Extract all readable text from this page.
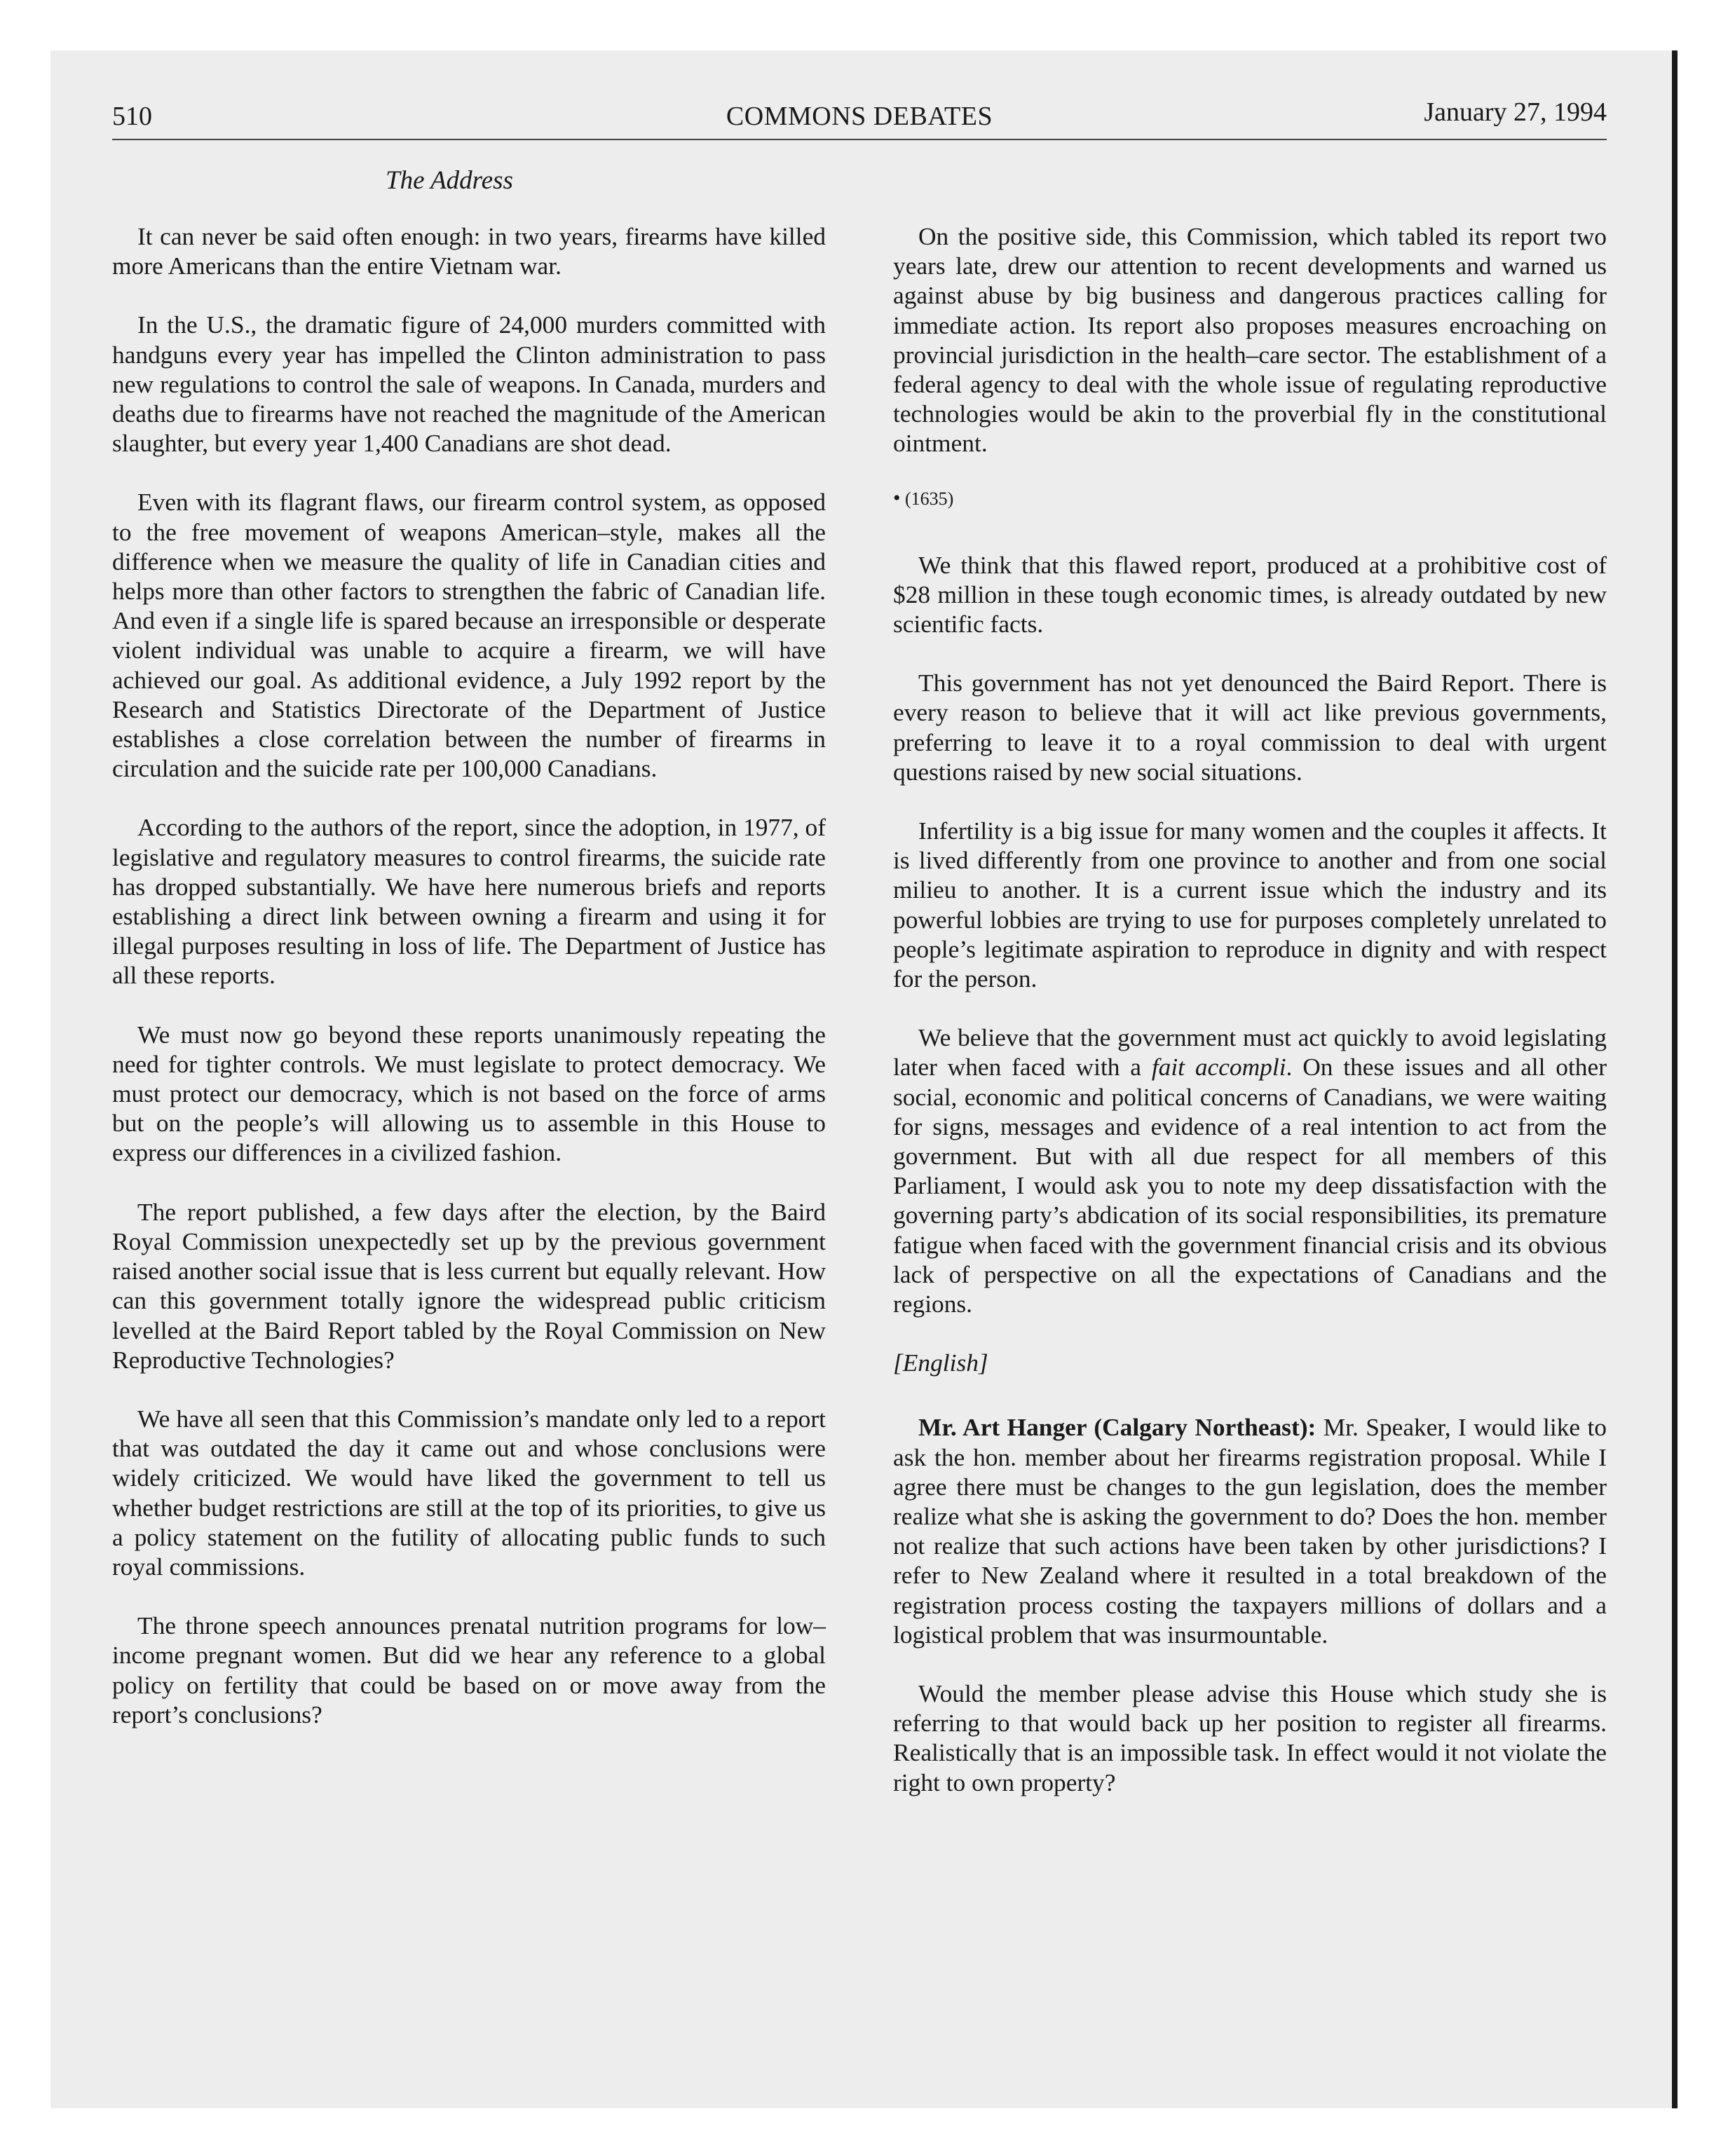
510	COMMONS DEBATES	January 27, 1994
The Address

It can never be said often enough: in two years, firearms have killed more Americans than the entire Vietnam war.

In the U.S., the dramatic figure of 24,000 murders committed with handguns every year has impelled the Clinton administration to pass new regulations to control the sale of weapons. In Canada, murders and deaths due to firearms have not reached the magnitude of the American slaughter, but every year 1,400 Canadians are shot dead.

Even with its flagrant flaws, our firearm control system, as opposed to the free movement of weapons American–style, makes all the difference when we measure the quality of life in Canadian cities and helps more than other factors to strengthen the fabric of Canadian life. And even if a single life is spared because an irresponsible or desperate violent individual was unable to acquire a firearm, we will have achieved our goal. As additional evidence, a July 1992 report by the Research and Statistics Directorate of the Department of Justice establishes a close correlation between the number of firearms in circulation and the suicide rate per 100,000 Canadians.

According to the authors of the report, since the adoption, in 1977, of legislative and regulatory measures to control firearms, the suicide rate has dropped substantially. We have here numerous briefs and reports establishing a direct link between owning a firearm and using it for illegal purposes resulting in loss of life. The Department of Justice has all these reports.

We must now go beyond these reports unanimously repeating the need for tighter controls. We must legislate to protect democracy. We must protect our democracy, which is not based on the force of arms but on the people’s will allowing us to assemble in this House to express our differences in a civilized fashion.

The report published, a few days after the election, by the Baird Royal Commission unexpectedly set up by the previous government raised another social issue that is less current but equally relevant. How can this government totally ignore the widespread public criticism levelled at the Baird Report tabled by the Royal Commission on New Reproductive Technologies?

We have all seen that this Commission’s mandate only led to a report that was outdated the day it came out and whose conclusions were widely criticized. We would have liked the government to tell us whether budget restrictions are still at the top of its priorities, to give us a policy statement on the futility of allocating public funds to such royal commissions.

The throne speech announces prenatal nutrition programs for low–income pregnant women. But did we hear any reference to a global policy on fertility that could be based on or move away from the report’s conclusions?

On the positive side, this Commission, which tabled its report two years late, drew our attention to recent developments and warned us against abuse by big business and dangerous practices calling for immediate action. Its report also proposes measures encroaching on provincial jurisdiction in the health–care sector. The establishment of a federal agency to deal with the whole issue of regulating reproductive technologies would be akin to the proverbial fly in the constitutional ointment.

• (1635)

We think that this flawed report, produced at a prohibitive cost of $28 million in these tough economic times, is already outdated by new scientific facts.

This government has not yet denounced the Baird Report. There is every reason to believe that it will act like previous governments, preferring to leave it to a royal commission to deal with urgent questions raised by new social situations.

Infertility is a big issue for many women and the couples it affects. It is lived differently from one province to another and from one social milieu to another. It is a current issue which the industry and its powerful lobbies are trying to use for purposes completely unrelated to people’s legitimate aspiration to reproduce in dignity and with respect for the person.

We believe that the government must act quickly to avoid legislating later when faced with a fait accompli. On these issues and all other social, economic and political concerns of Canadians, we were waiting for signs, messages and evidence of a real intention to act from the government. But with all due respect for all members of this Parliament, I would ask you to note my deep dissatisfaction with the governing party’s abdication of its social responsibilities, its premature fatigue when faced with the government financial crisis and its obvious lack of perspective on all the expectations of Canadians and the regions.

[English]

Mr. Art Hanger (Calgary Northeast): Mr. Speaker, I would like to ask the hon. member about her firearms registration proposal. While I agree there must be changes to the gun legislation, does the member realize what she is asking the government to do? Does the hon. member not realize that such actions have been taken by other jurisdictions? I refer to New Zealand where it resulted in a total breakdown of the registration process costing the taxpayers millions of dollars and a logistical problem that was insurmountable.

Would the member please advise this House which study she is referring to that would back up her position to register all firearms. Realistically that is an impossible task. In effect would it not violate the right to own property?
